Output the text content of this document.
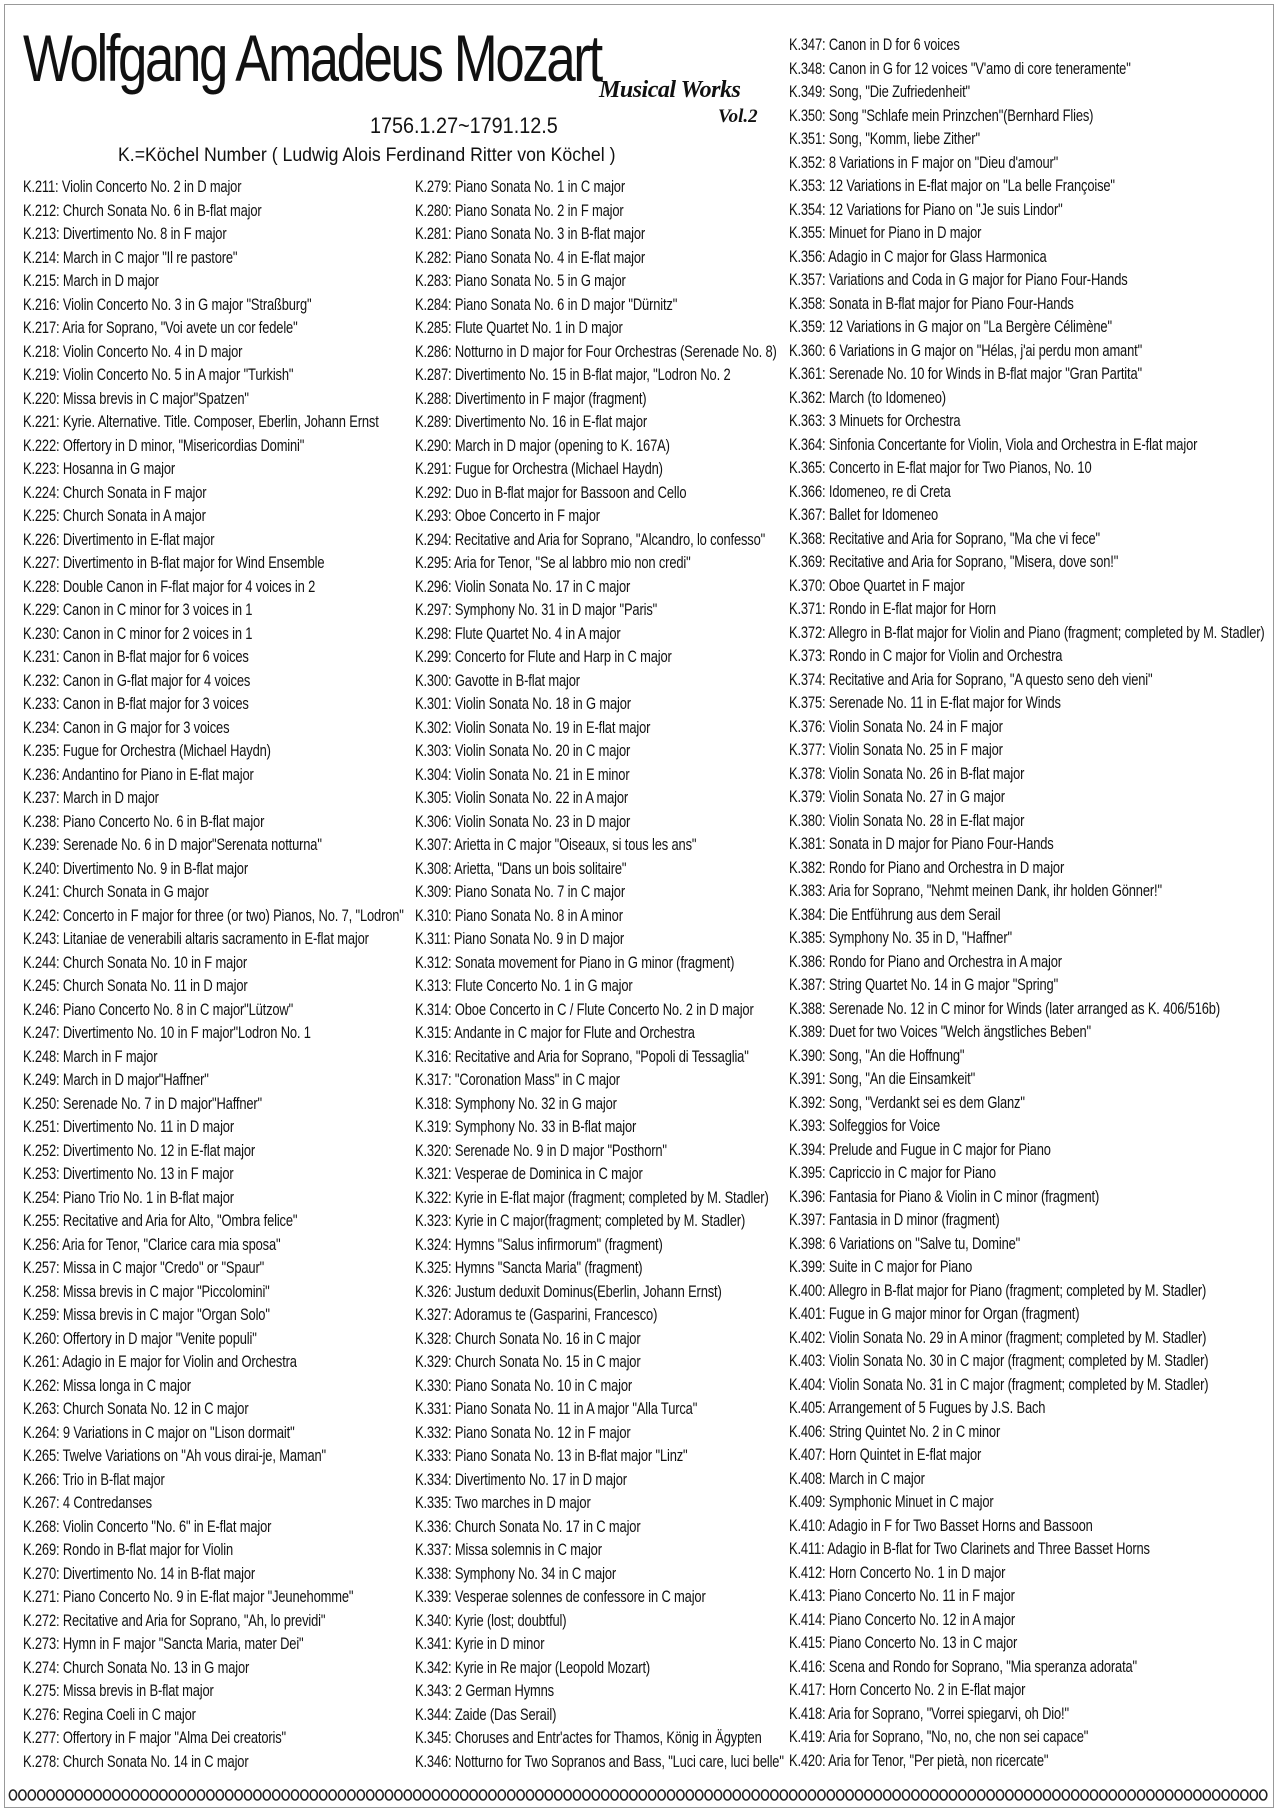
Wolfgang Amadeus Mozart
Musical Works
Vol.2
1756.1.27~1791.12.5
K.=Köchel Number ( Ludwig Alois Ferdinand Ritter von Köchel )
K.211: Violin Concerto No. 2 in D major
K.212: Church Sonata No. 6 in B-flat major
K.213: Divertimento No. 8 in F major
K.214: March in C major "Il re pastore"
K.215: March in D major
K.216: Violin Concerto No. 3 in G major "Straßburg"
K.217: Aria for Soprano, "Voi avete un cor fedele"
K.218: Violin Concerto No. 4 in D major
K.219: Violin Concerto No. 5 in A major "Turkish"
K.220: Missa brevis in C major"Spatzen"
K.221: Kyrie. Alternative. Title. Composer, Eberlin, Johann Ernst
K.222: Offertory in D minor, "Misericordias Domini"
K.223: Hosanna in G major
K.224: Church Sonata in F major
K.225: Church Sonata in A major
K.226: Divertimento in E-flat major
K.227: Divertimento in B-flat major for Wind Ensemble
K.228: Double Canon in F-flat major for 4 voices in 2
K.229: Canon in C minor for 3 voices in 1
K.230: Canon in C minor for 2 voices in 1
K.231: Canon in B-flat major for 6 voices
K.232: Canon in G-flat major for 4 voices
K.233: Canon in B-flat major for 3 voices
K.234: Canon in G major for 3 voices
K.235: Fugue for Orchestra (Michael Haydn)
K.236: Andantino for Piano in E-flat major
K.237: March in D major
K.238: Piano Concerto No. 6 in B-flat major
K.239: Serenade No. 6 in D major"Serenata notturna"
K.240: Divertimento No. 9 in B-flat major
K.241: Church Sonata in G major
K.242: Concerto in F major for three (or two) Pianos, No. 7, "Lodron"
K.243: Litaniae de venerabili altaris sacramento in E-flat major
K.244: Church Sonata No. 10 in F major
K.245: Church Sonata No. 11 in D major
K.246: Piano Concerto No. 8 in C major"Lützow"
K.247: Divertimento No. 10 in F major"Lodron No. 1
K.248: March in F major
K.249: March in D major"Haffner"
K.250: Serenade No. 7 in D major"Haffner"
K.251: Divertimento No. 11 in D major
K.252: Divertimento No. 12 in E-flat major
K.253: Divertimento No. 13 in F major
K.254: Piano Trio No. 1 in B-flat major
K.255: Recitative and Aria for Alto, "Ombra felice"
K.256: Aria for Tenor, "Clarice cara mia sposa"
K.257: Missa in C major "Credo" or "Spaur"
K.258: Missa brevis in C major "Piccolomini"
K.259: Missa brevis in C major "Organ Solo"
K.260: Offertory in D major "Venite populi"
K.261: Adagio in E major for Violin and Orchestra
K.262: Missa longa in C major
K.263: Church Sonata No. 12 in C major
K.264: 9 Variations in C major on "Lison dormait"
K.265: Twelve Variations on "Ah vous dirai-je, Maman"
K.266: Trio in B-flat major
K.267: 4 Contredanses
K.268: Violin Concerto "No. 6" in E-flat major
K.269: Rondo in B-flat major for Violin
K.270: Divertimento No. 14 in B-flat major
K.271: Piano Concerto No. 9 in E-flat major "Jeunehomme"
K.272: Recitative and Aria for Soprano, "Ah, lo previdi"
K.273: Hymn in F major "Sancta Maria, mater Dei"
K.274: Church Sonata No. 13 in G major
K.275: Missa brevis in B-flat major
K.276: Regina Coeli in C major
K.277: Offertory in F major "Alma Dei creatoris"
K.278: Church Sonata No. 14 in C major
K.279: Piano Sonata No. 1 in C major
K.280: Piano Sonata No. 2 in F major
K.281: Piano Sonata No. 3 in B-flat major
K.282: Piano Sonata No. 4 in E-flat major
K.283: Piano Sonata No. 5 in G major
K.284: Piano Sonata No. 6 in D major "Dürnitz"
K.285: Flute Quartet No. 1 in D major
K.286: Notturno in D major for Four Orchestras (Serenade No. 8)
K.287: Divertimento No. 15 in B-flat major, "Lodron No. 2
K.288: Divertimento in F major (fragment)
K.289: Divertimento No. 16 in E-flat major
K.290: March in D major (opening to K. 167A)
K.291: Fugue for Orchestra (Michael Haydn)
K.292: Duo in B-flat major for Bassoon and Cello
K.293: Oboe Concerto in F major
K.294: Recitative and Aria for Soprano, "Alcandro, lo confesso"
K.295: Aria for Tenor, "Se al labbro mio non credi"
K.296: Violin Sonata No. 17 in C major
K.297: Symphony No. 31 in D major "Paris"
K.298: Flute Quartet No. 4 in A major
K.299: Concerto for Flute and Harp in C major
K.300: Gavotte in B-flat major
K.301: Violin Sonata No. 18 in G major
K.302: Violin Sonata No. 19 in E-flat major
K.303: Violin Sonata No. 20 in C major
K.304: Violin Sonata No. 21 in E minor
K.305: Violin Sonata No. 22 in A major
K.306: Violin Sonata No. 23 in D major
K.307: Arietta in C major "Oiseaux, si tous les ans"
K.308: Arietta, "Dans un bois solitaire"
K.309: Piano Sonata No. 7 in C major
K.310: Piano Sonata No. 8 in A minor
K.311: Piano Sonata No. 9 in D major
K.312: Sonata movement for Piano in G minor (fragment)
K.313: Flute Concerto No. 1 in G major
K.314: Oboe Concerto in C / Flute Concerto No. 2 in D major
K.315: Andante in C major for Flute and Orchestra
K.316: Recitative and Aria for Soprano, "Popoli di Tessaglia"
K.317: "Coronation Mass" in C major
K.318: Symphony No. 32 in G major
K.319: Symphony No. 33 in B-flat major
K.320: Serenade No. 9 in D major "Posthorn"
K.321: Vesperae de Dominica in C major
K.322: Kyrie in E-flat major (fragment; completed by M. Stadler)
K.323: Kyrie in C major(fragment; completed by M. Stadler)
K.324: Hymns "Salus infirmorum" (fragment)
K.325: Hymns "Sancta Maria" (fragment)
K.326: Justum deduxit Dominus(Eberlin, Johann Ernst)
K.327: Adoramus te (Gasparini, Francesco)
K.328: Church Sonata No. 16 in C major
K.329: Church Sonata No. 15 in C major
K.330: Piano Sonata No. 10 in C major
K.331: Piano Sonata No. 11 in A major "Alla Turca"
K.332: Piano Sonata No. 12 in F major
K.333: Piano Sonata No. 13 in B-flat major "Linz"
K.334: Divertimento No. 17 in D major
K.335: Two marches in D major
K.336: Church Sonata No. 17 in C major
K.337: Missa solemnis in C major
K.338: Symphony No. 34 in C major
K.339: Vesperae solennes de confessore in C major
K.340: Kyrie (lost; doubtful)
K.341: Kyrie in D minor
K.342: Kyrie in Re major (Leopold Mozart)
K.343: 2 German Hymns
K.344: Zaide (Das Serail)
K.345: Choruses and Entr'actes for Thamos, König in Ägypten
K.346: Notturno for Two Sopranos and Bass, "Luci care, luci belle"
K.347: Canon in D for 6 voices
K.348: Canon in G for 12 voices "V'amo di core teneramente"
K.349: Song, "Die Zufriedenheit"
K.350: Song "Schlafe mein Prinzchen"(Bernhard Flies)
K.351: Song, "Komm, liebe Zither"
K.352: 8 Variations in F major on "Dieu d'amour"
K.353: 12 Variations in E-flat major on "La belle Françoise"
K.354: 12 Variations for Piano on "Je suis Lindor"
K.355: Minuet for Piano in D major
K.356: Adagio in C major for Glass Harmonica
K.357: Variations and Coda in G major for Piano Four-Hands
K.358: Sonata in B-flat major for Piano Four-Hands
K.359: 12 Variations in G major on "La Bergère Célimène"
K.360: 6 Variations in G major on "Hélas, j'ai perdu mon amant"
K.361: Serenade No. 10 for Winds in B-flat major "Gran Partita"
K.362: March (to Idomeneo)
K.363: 3 Minuets for Orchestra
K.364: Sinfonia Concertante for Violin, Viola and Orchestra in E-flat major
K.365: Concerto in E-flat major for Two Pianos, No. 10
K.366: Idomeneo, re di Creta
K.367: Ballet for Idomeneo
K.368: Recitative and Aria for Soprano, "Ma che vi fece"
K.369: Recitative and Aria for Soprano, "Misera, dove son!"
K.370: Oboe Quartet in F major
K.371: Rondo in E-flat major for Horn
K.372: Allegro in B-flat major for Violin and Piano (fragment; completed by M. Stadler)
K.373: Rondo in C major for Violin and Orchestra
K.374: Recitative and Aria for Soprano, "A questo seno deh vieni"
K.375: Serenade No. 11 in E-flat major for Winds
K.376: Violin Sonata No. 24 in F major
K.377: Violin Sonata No. 25 in F major
K.378: Violin Sonata No. 26 in B-flat major
K.379: Violin Sonata No. 27 in G major
K.380: Violin Sonata No. 28 in E-flat major
K.381: Sonata in D major for Piano Four-Hands
K.382: Rondo for Piano and Orchestra in D major
K.383: Aria for Soprano, "Nehmt meinen Dank, ihr holden Gönner!"
K.384: Die Entführung aus dem Serail
K.385: Symphony No. 35 in D, "Haffner"
K.386: Rondo for Piano and Orchestra in A major
K.387: String Quartet No. 14 in G major "Spring"
K.388: Serenade No. 12 in C minor for Winds (later arranged as K. 406/516b)
K.389: Duet for two Voices "Welch ängstliches Beben"
K.390: Song, "An die Hoffnung"
K.391: Song, "An die Einsamkeit"
K.392: Song, "Verdankt sei es dem Glanz"
K.393: Solfeggios for Voice
K.394: Prelude and Fugue in C major for Piano
K.395: Capriccio in C major for Piano
K.396: Fantasia for Piano & Violin in C minor (fragment)
K.397: Fantasia in D minor (fragment)
K.398: 6 Variations on "Salve tu, Domine"
K.399: Suite in C major for Piano
K.400: Allegro in B-flat major for Piano (fragment; completed by M. Stadler)
K.401: Fugue in G major minor for Organ (fragment)
K.402: Violin Sonata No. 29 in A minor (fragment; completed by M. Stadler)
K.403: Violin Sonata No. 30 in C major (fragment; completed by M. Stadler)
K.404: Violin Sonata No. 31 in C major (fragment; completed by M. Stadler)
K.405: Arrangement of 5 Fugues by J.S. Bach
K.406: String Quintet No. 2 in C minor
K.407: Horn Quintet in E-flat major
K.408: March in C major
K.409: Symphonic Minuet in C major
K.410: Adagio in F for Two Basset Horns and Bassoon
K.411: Adagio in B-flat for Two Clarinets and Three Basset Horns
K.412: Horn Concerto No. 1 in D major
K.413: Piano Concerto No. 11 in F major
K.414: Piano Concerto No. 12 in A major
K.415: Piano Concerto No. 13 in C major
K.416: Scena and Rondo for Soprano, "Mia speranza adorata"
K.417: Horn Concerto No. 2 in E-flat major
K.418: Aria for Soprano, "Vorrei spiegarvi, oh Dio!"
K.419: Aria for Soprano, "No, no, che non sei capace"
K.420: Aria for Tenor, "Per pietà, non ricercate"
